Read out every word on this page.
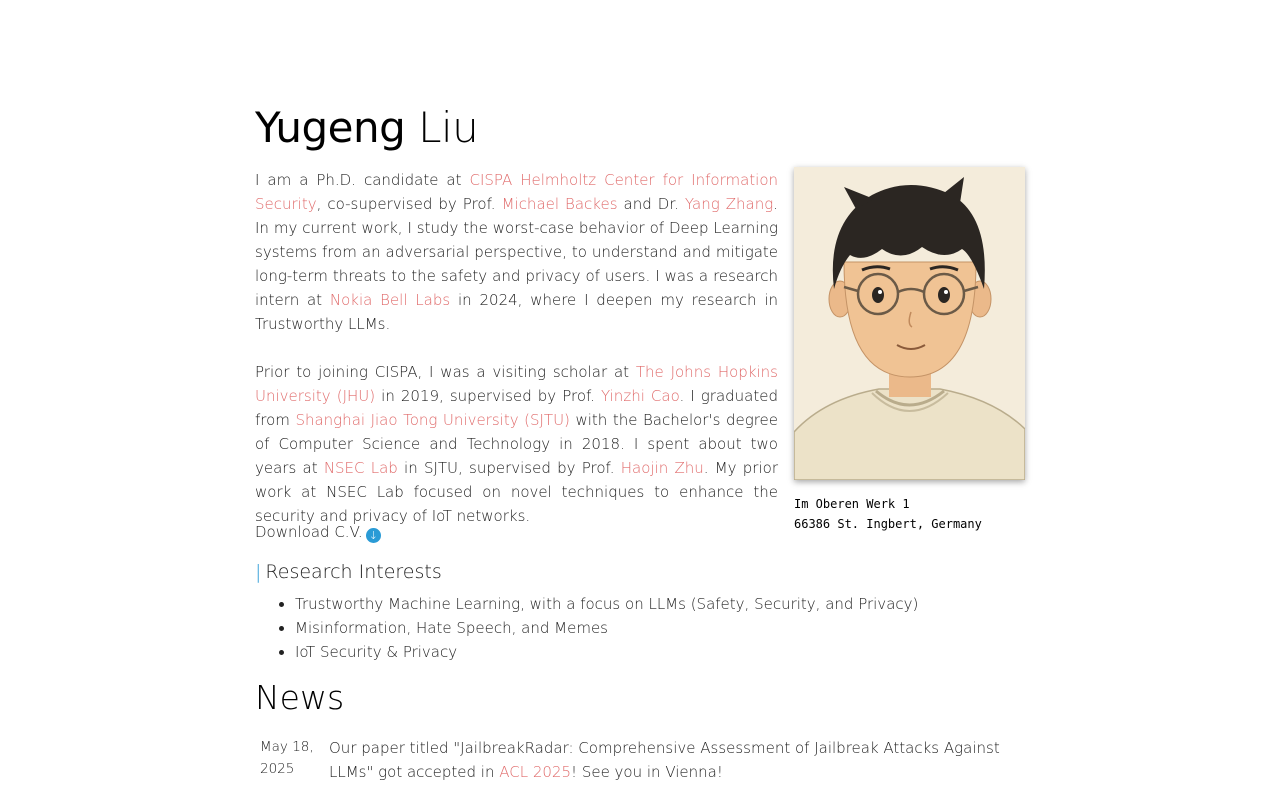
Yugeng Liu

I am a Ph.D. candidate at CISPA Helmholtz Center for Information Security, co-supervised by Prof. Michael Backes and Dr. Yang Zhang. In my current work, I study the worst-case behavior of Deep Learning systems from an adversarial perspective, to understand and mitigate long-term threats to the safety and privacy of users. I was a research intern at Nokia Bell Labs in 2024, where I deepen my research in Trustworthy LLMs.

Prior to joining CISPA, I was a visiting scholar at The Johns Hopkins University (JHU) in 2019, supervised by Prof. Yinzhi Cao. I graduated from Shanghai Jiao Tong University (SJTU) with the Bachelor's degree of Computer Science and Technology in 2018. I spent about two years at NSEC Lab in SJTU, supervised by Prof. Haojin Zhu. My prior work at NSEC Lab focused on novel techniques to enhance the security and privacy of IoT networks.

Download C.V. ↓
Im Oberen Werk 1
66386 St. Ingbert, Germany
| Research Interests
• Trustworthy Machine Learning, with a focus on LLMs (Safety, Security, and Privacy)
• Misinformation, Hate Speech, and Memes
• IoT Security & Privacy
News
May 18, 2025
Our paper titled "JailbreakRadar: Comprehensive Assessment of Jailbreak Attacks Against LLMs" got accepted in ACL 2025! See you in Vienna!
